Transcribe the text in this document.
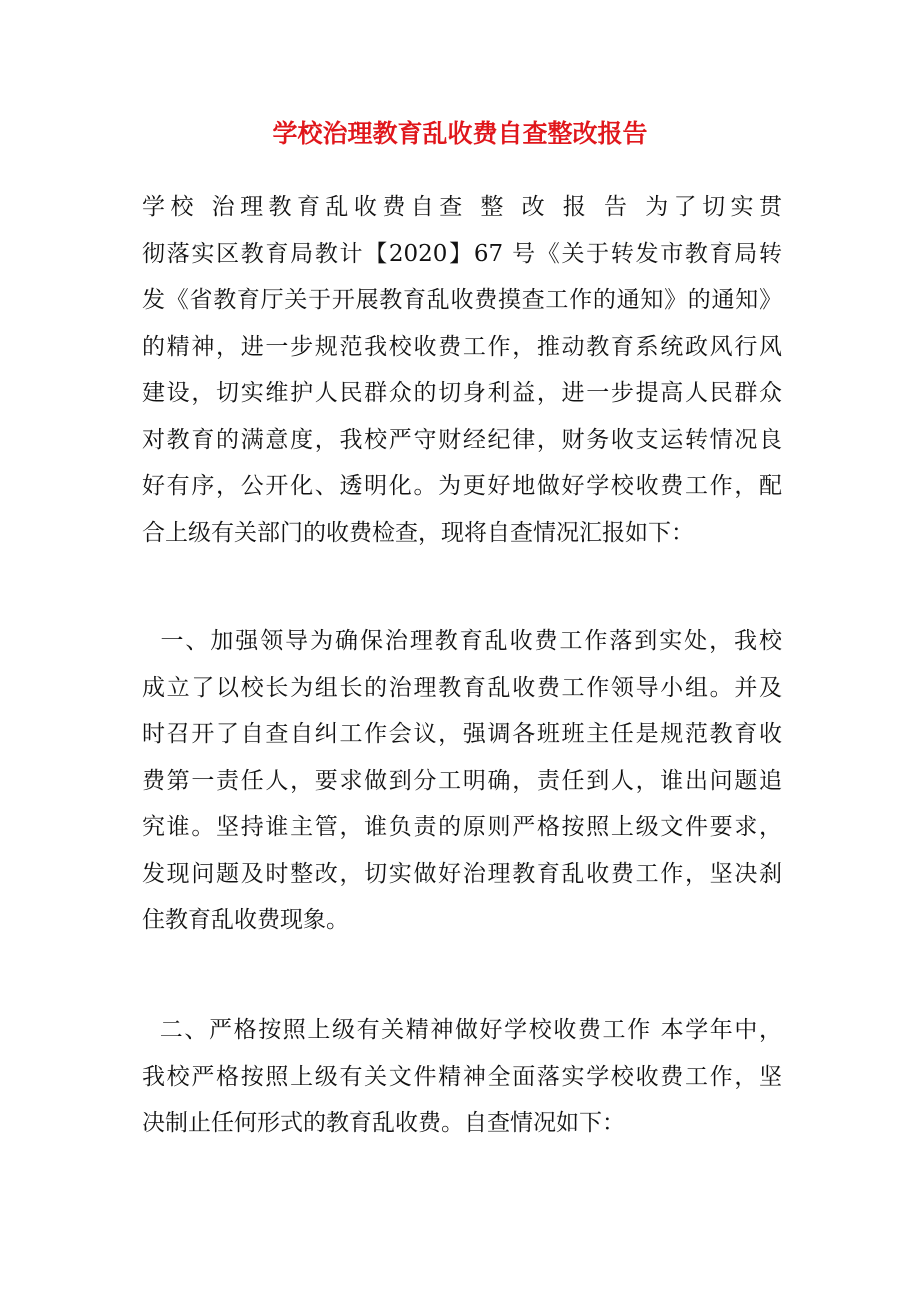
学校治理教育乱收费自查整改报告
学校 治理教育乱收费自查 整 改 报 告 为了切实贯
彻落实区教育局教计【2020】67 号《关于转发市教育局转
发《省教育厅关于开展教育乱收费摸查工作的通知》的通知》
的精神，进一步规范我校收费工作，推动教育系统政风行风
建设，切实维护人民群众的切身利益，进一步提高人民群众
对教育的满意度，我校严守财经纪律，财务收支运转情况良
好有序，公开化、透明化。为更好地做好学校收费工作，配
合上级有关部门的收费检查，现将自查情况汇报如下：
一、加强领导为确保治理教育乱收费工作落到实处，我校
成立了以校长为组长的治理教育乱收费工作领导小组。并及
时召开了自查自纠工作会议，强调各班班主任是规范教育收
费第一责任人，要求做到分工明确，责任到人，谁出问题追
究谁。坚持谁主管，谁负责的原则严格按照上级文件要求，
发现问题及时整改，切实做好治理教育乱收费工作，坚决刹
住教育乱收费现象。
二、严格按照上级有关精神做好学校收费工作 本学年中，
我校严格按照上级有关文件精神全面落实学校收费工作，坚
决制止任何形式的教育乱收费。自查情况如下：
